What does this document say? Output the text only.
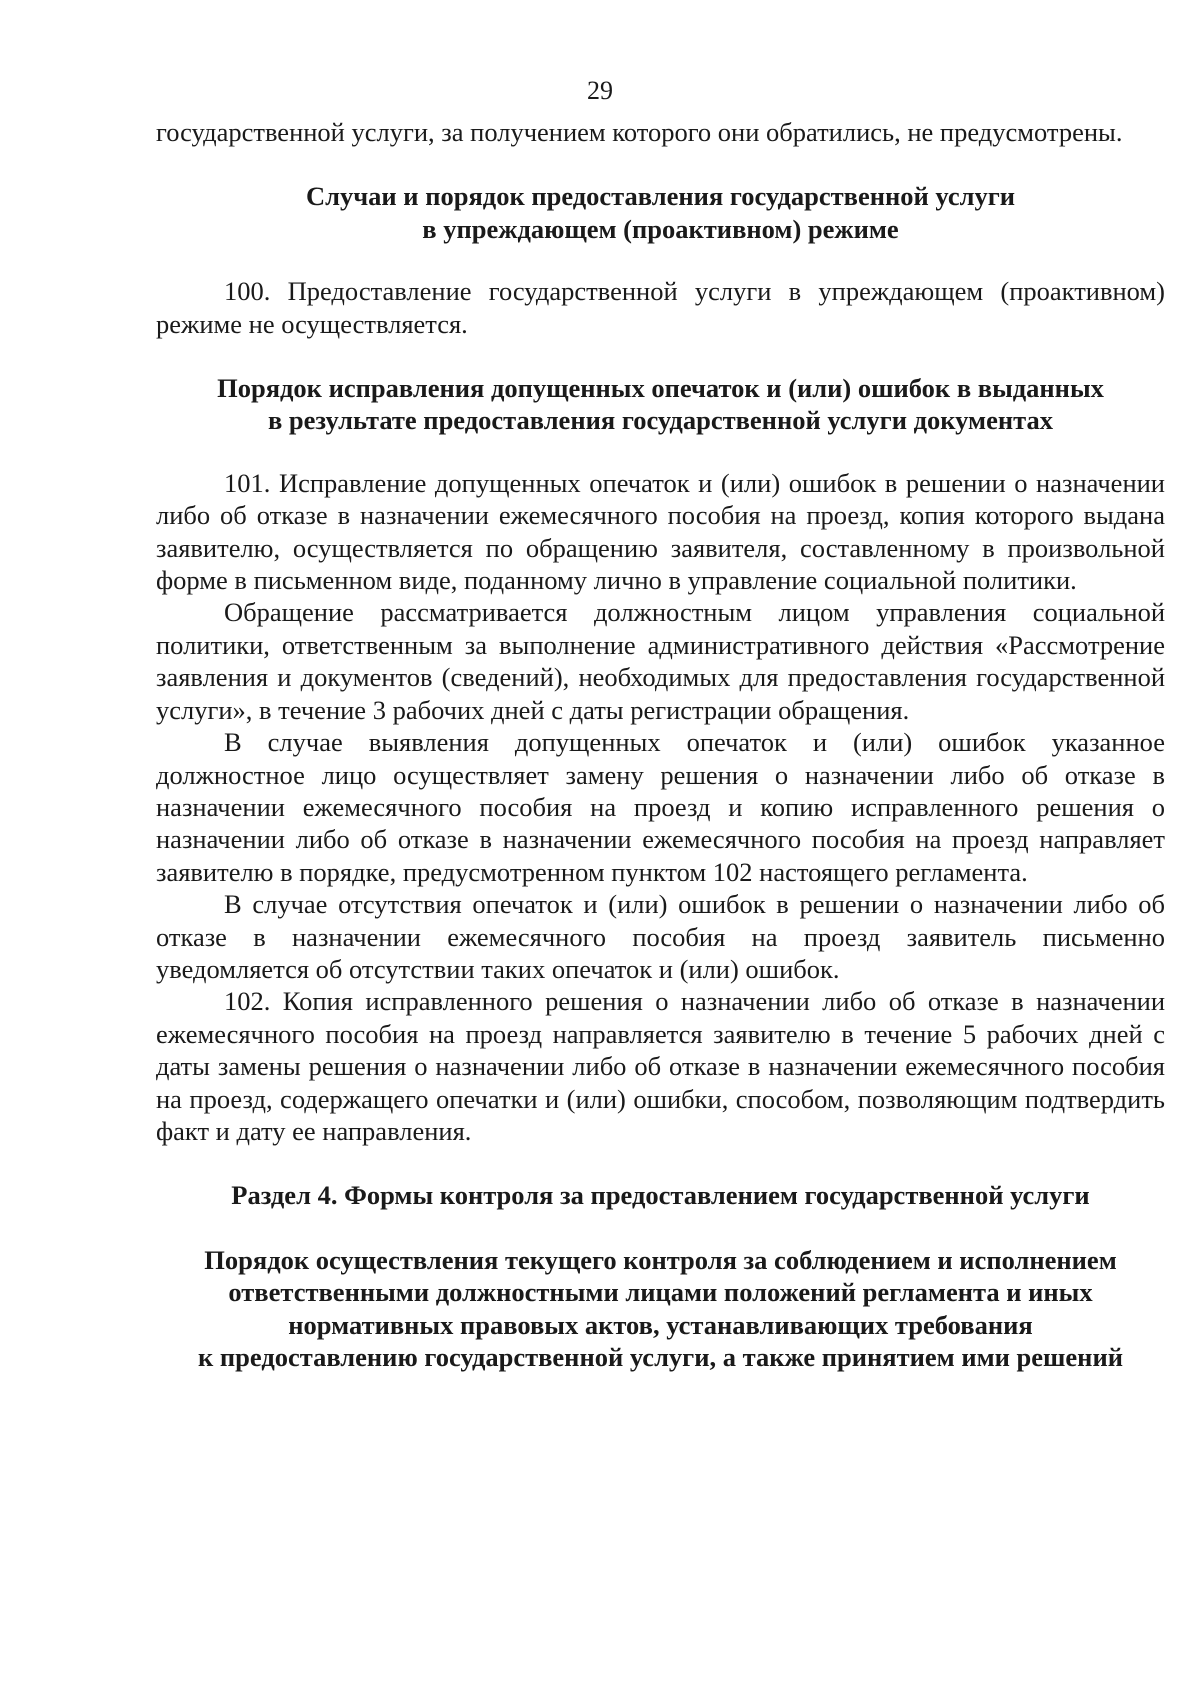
29

государственной услуги, за получением которого они обратились, не предусмотрены.

Случаи и порядок предоставления государственной услуги

в упреждающем (проактивном) режиме

100. Предоставление государственной услуги в упреждающем (проактивном) режиме не осуществляется.

Порядок исправления допущенных опечаток и (или) ошибок в выданных

в результате предоставления государственной услуги документах

101. Исправление допущенных опечаток и (или) ошибок в решении о назначении либо об отказе в назначении ежемесячного пособия на проезд, копия которого выдана заявителю, осуществляется по обращению заявителя, составленному в произвольной форме в письменном виде, поданному лично в управление социальной политики.

Обращение рассматривается должностным лицом управления социальной политики, ответственным за выполнение административного действия «Рассмотрение заявления и документов (сведений), необходимых для предоставления государственной услуги», в течение 3 рабочих дней с даты регистрации обращения.

В случае выявления допущенных опечаток и (или) ошибок указанное должностное лицо осуществляет замену решения о назначении либо об отказе в назначении ежемесячного пособия на проезд и копию исправленного решения о назначении либо об отказе в назначении ежемесячного пособия на проезд направляет заявителю в порядке, предусмотренном пунктом 102 настоящего регламента.

В случае отсутствия опечаток и (или) ошибок в решении о назначении либо об отказе в назначении ежемесячного пособия на проезд заявитель письменно уведомляется об отсутствии таких опечаток и (или) ошибок.

102. Копия исправленного решения о назначении либо об отказе в назначении ежемесячного пособия на проезд направляется заявителю в течение 5 рабочих дней с даты замены решения о назначении либо об отказе в назначении ежемесячного пособия на проезд, содержащего опечатки и (или) ошибки, способом, позволяющим подтвердить факт и дату ее направления.

Раздел 4. Формы контроля за предоставлением государственной услуги

Порядок осуществления текущего контроля за соблюдением и исполнением

ответственными должностными лицами положений регламента и иных

нормативных правовых актов, устанавливающих требования

к предоставлению государственной услуги, а также принятием ими решений
